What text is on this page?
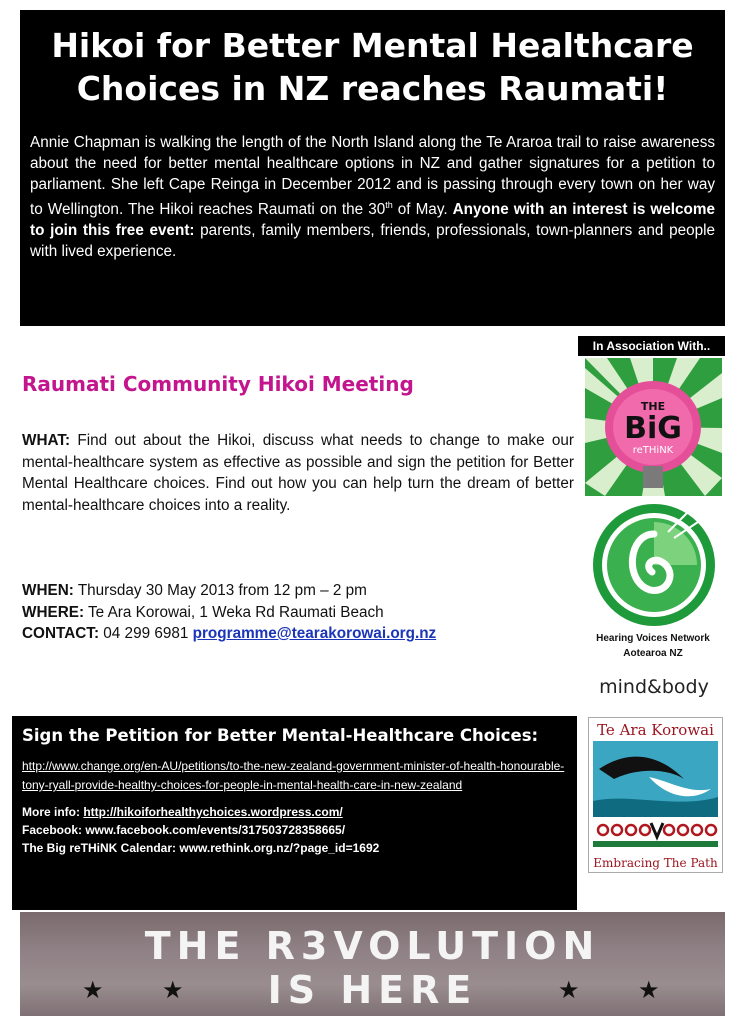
Hikoi for Better Mental Healthcare
Choices in NZ reaches Raumati!

Annie Chapman is walking the length of the North Island along the Te Araroa trail to raise awareness about the need for better mental healthcare options in NZ and gather signatures for a petition to parliament. She left Cape Reinga in December 2012 and is passing through every town on her way to Wellington. The Hikoi reaches Raumati on the 30th of May. Anyone with an interest is welcome to join this free event: parents, family members, friends, professionals, town-planners and people with lived experience.

In Association With..
Raumati Community Hikoi Meeting

WHAT: Find out about the Hikoi, discuss what needs to change to make our mental-healthcare system as effective as possible and sign the petition for Better Mental Healthcare choices. Find out how you can help turn the dream of better mental-healthcare choices into a reality.

WHEN: Thursday 30 May 2013 from 12 pm – 2 pm
WHERE: Te Ara Korowai, 1 Weka Rd Raumati Beach
CONTACT: 04 299 6981 programme@tearakorowai.org.nz
THE
BiG
reTHiNK
Hearing Voices Network
Aotearoa NZ
mind&body
Te Ara Korowai
Embracing The Path
Sign the Petition for Better Mental-Healthcare Choices:
http://www.change.org/en-AU/petitions/to-the-new-zealand-government-minister-of-health-honourable-tony-ryall-provide-healthy-choices-for-people-in-mental-health-care-in-new-zealand
More info: http://hikoiforhealthychoices.wordpress.com/
Facebook: www.facebook.com/events/317503728358665/
The Big reTHiNK Calendar: www.rethink.org.nz/?page_id=1692
THE R3VOLUTION
IS HERE
★ ★	★ ★
